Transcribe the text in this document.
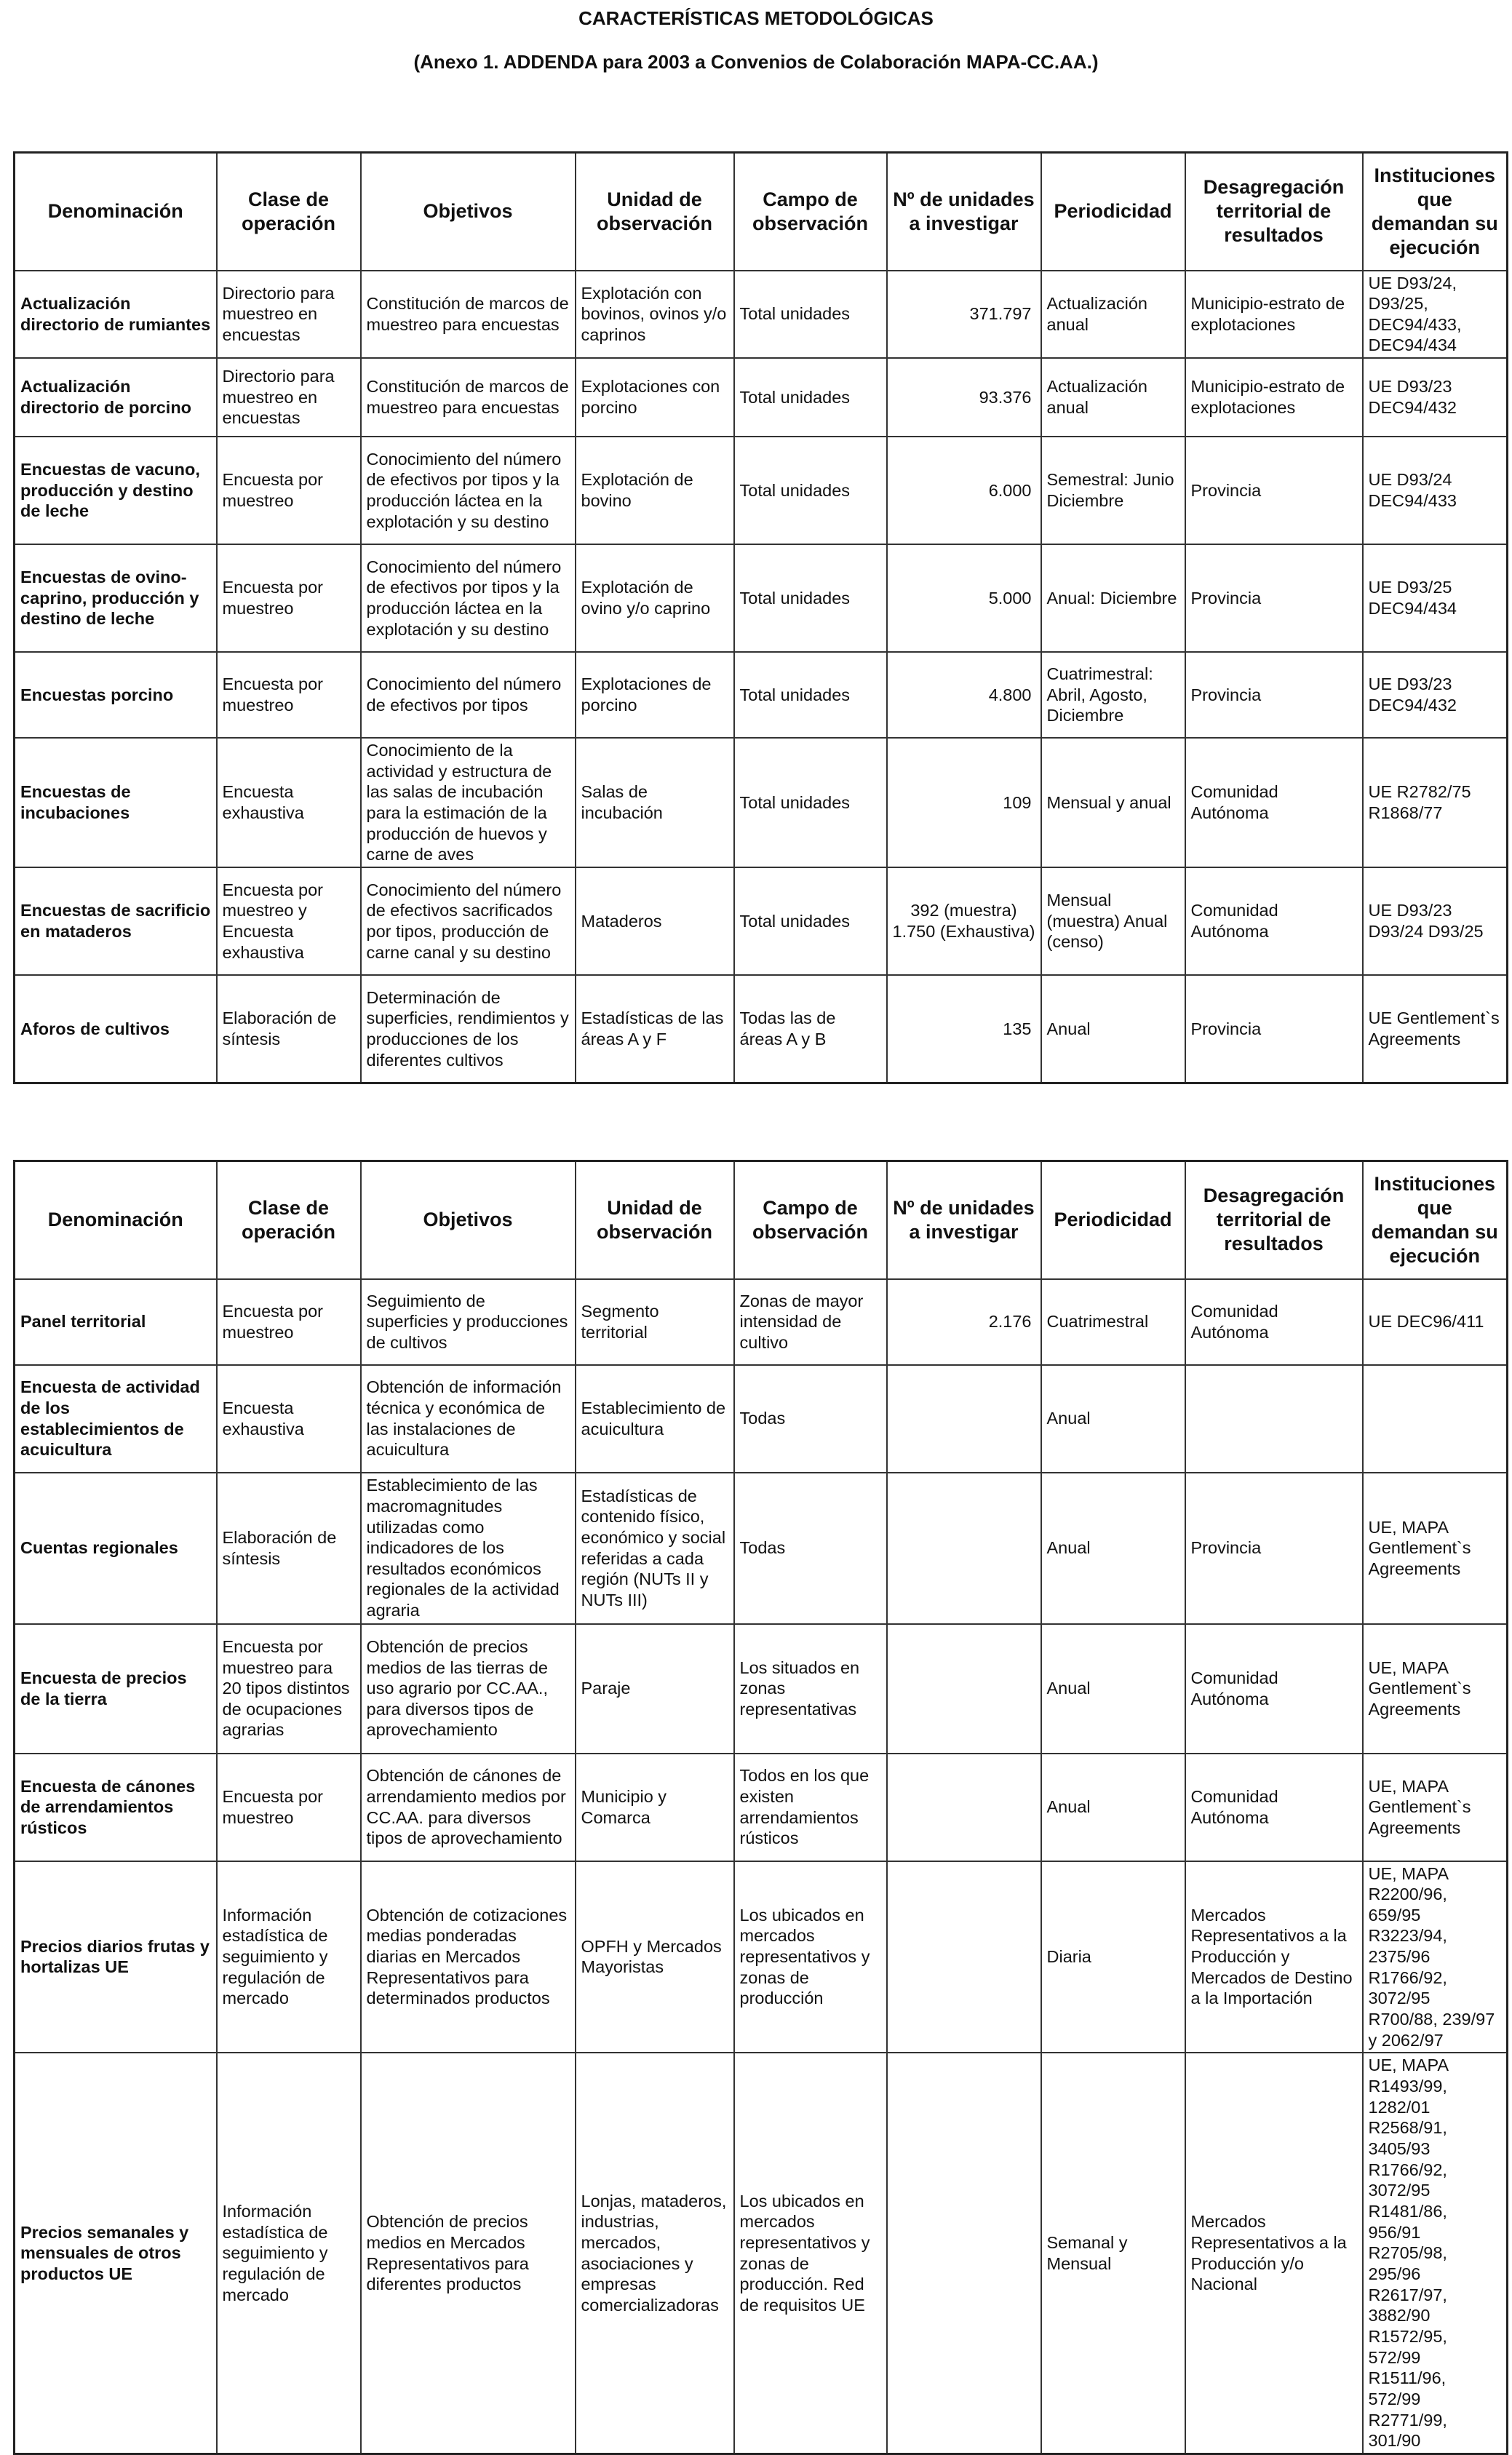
CARACTERÍSTICAS METODOLÓGICAS
(Anexo 1. ADDENDA para 2003 a Convenios de Colaboración MAPA-CC.AA.)
Denominación	Clase de operación	Objetivos	Unidad de observación	Campo de observación	Nº de unidades a investigar	Periodicidad	Desagregación territorial de resultados	Instituciones que demandan su ejecución
Actualización directorio de rumiantes	Directorio para muestreo en encuestas	Constitución de marcos de muestreo para encuestas	Explotación con bovinos, ovinos y/o caprinos	Total unidades	371.797	Actualización anual	Municipio-estrato de explotaciones	UE D93/24, D93/25, DEC94/433, DEC94/434
Actualización directorio de porcino	Directorio para muestreo en encuestas	Constitución de marcos de muestreo para encuestas	Explotaciones con porcino	Total unidades	93.376	Actualización anual	Municipio-estrato de explotaciones	UE D93/23 DEC94/432
Encuestas de vacuno, producción y destino de leche	Encuesta por muestreo	Conocimiento del número de efectivos por tipos y la producción láctea en la explotación y su destino	Explotación de bovino	Total unidades	6.000	Semestral: Junio Diciembre	Provincia	UE D93/24 DEC94/433
Encuestas de ovino-caprino, producción y destino de leche	Encuesta por muestreo	Conocimiento del número de efectivos por tipos y la producción láctea en la explotación y su destino	Explotación de ovino y/o caprino	Total unidades	5.000	Anual: Diciembre	Provincia	UE D93/25 DEC94/434
Encuestas porcino	Encuesta por muestreo	Conocimiento del número de efectivos por tipos	Explotaciones de porcino	Total unidades	4.800	Cuatrimestral: Abril, Agosto, Diciembre	Provincia	UE D93/23 DEC94/432
Encuestas de incubaciones	Encuesta exhaustiva	Conocimiento de la actividad y estructura de las salas de incubación para la estimación de la producción de huevos y carne de aves	Salas de incubación	Total unidades	109	Mensual y anual	Comunidad Autónoma	UE R2782/75 R1868/77
Encuestas de sacrificio en mataderos	Encuesta por muestreo y Encuesta exhaustiva	Conocimiento del número de efectivos sacrificados por tipos, producción de carne canal y su destino	Mataderos	Total unidades	392 (muestra) 1.750 (Exhaustiva)	Mensual (muestra) Anual (censo)	Comunidad Autónoma	UE D93/23 D93/24 D93/25
Aforos de cultivos	Elaboración de síntesis	Determinación de superficies, rendimientos y producciones de los diferentes cultivos	Estadísticas de las áreas A y F	Todas las de áreas A y B	135	Anual	Provincia	UE Gentlement`s Agreements
Denominación	Clase de operación	Objetivos	Unidad de observación	Campo de observación	Nº de unidades a investigar	Periodicidad	Desagregación territorial de resultados	Instituciones que demandan su ejecución
Panel territorial	Encuesta por muestreo	Seguimiento de superficies y producciones de cultivos	Segmento territorial	Zonas de mayor intensidad de cultivo	2.176	Cuatrimestral	Comunidad Autónoma	UE DEC96/411
Encuesta de actividad de los establecimientos de acuicultura	Encuesta exhaustiva	Obtención de información técnica y económica de las instalaciones de acuicultura	Establecimiento de acuicultura	Todas		Anual		
Cuentas regionales	Elaboración de síntesis	Establecimiento de las macromagnitudes utilizadas como indicadores de los resultados económicos regionales de la actividad agraria	Estadísticas de contenido físico, económico y social referidas a cada región (NUTs II y NUTs III)	Todas		Anual	Provincia	UE, MAPA Gentlement`s Agreements
Encuesta de precios de la tierra	Encuesta por muestreo para 20 tipos distintos de ocupaciones agrarias	Obtención de precios medios de las tierras de uso agrario por CC.AA., para diversos tipos de aprovechamiento	Paraje	Los situados en zonas representativas		Anual	Comunidad Autónoma	UE, MAPA Gentlement`s Agreements
Encuesta de cánones de arrendamientos rústicos	Encuesta por muestreo	Obtención de cánones de arrendamiento medios por CC.AA. para diversos tipos de aprovechamiento	Municipio y Comarca	Todos en los que existen arrendamientos rústicos		Anual	Comunidad Autónoma	UE, MAPA Gentlement`s Agreements
Precios diarios frutas y hortalizas UE	Información estadística de seguimiento y regulación de mercado	Obtención de cotizaciones medias ponderadas diarias en Mercados Representativos para determinados productos	OPFH y Mercados Mayoristas	Los ubicados en mercados representativos y zonas de producción		Diaria	Mercados Representativos a la Producción y Mercados de Destino a la Importación	UE, MAPA R2200/96, 659/95 R3223/94, 2375/96 R1766/92, 3072/95 R700/88, 239/97 y 2062/97
Precios semanales y mensuales de otros productos UE	Información estadística de seguimiento y regulación de mercado	Obtención de precios medios en Mercados Representativos para diferentes productos	Lonjas, mataderos, industrias, mercados, asociaciones y empresas comercializadoras	Los ubicados en mercados representativos y zonas de producción. Red de requisitos UE		Semanal y Mensual	Mercados Representativos a la Producción y/o Nacional	UE, MAPA R1493/99, 1282/01 R2568/91, 3405/93 R1766/92, 3072/95 R1481/86, 956/91 R2705/98, 295/96 R2617/97, 3882/90 R1572/95, 572/99 R1511/96, 572/99 R2771/99, 301/90
